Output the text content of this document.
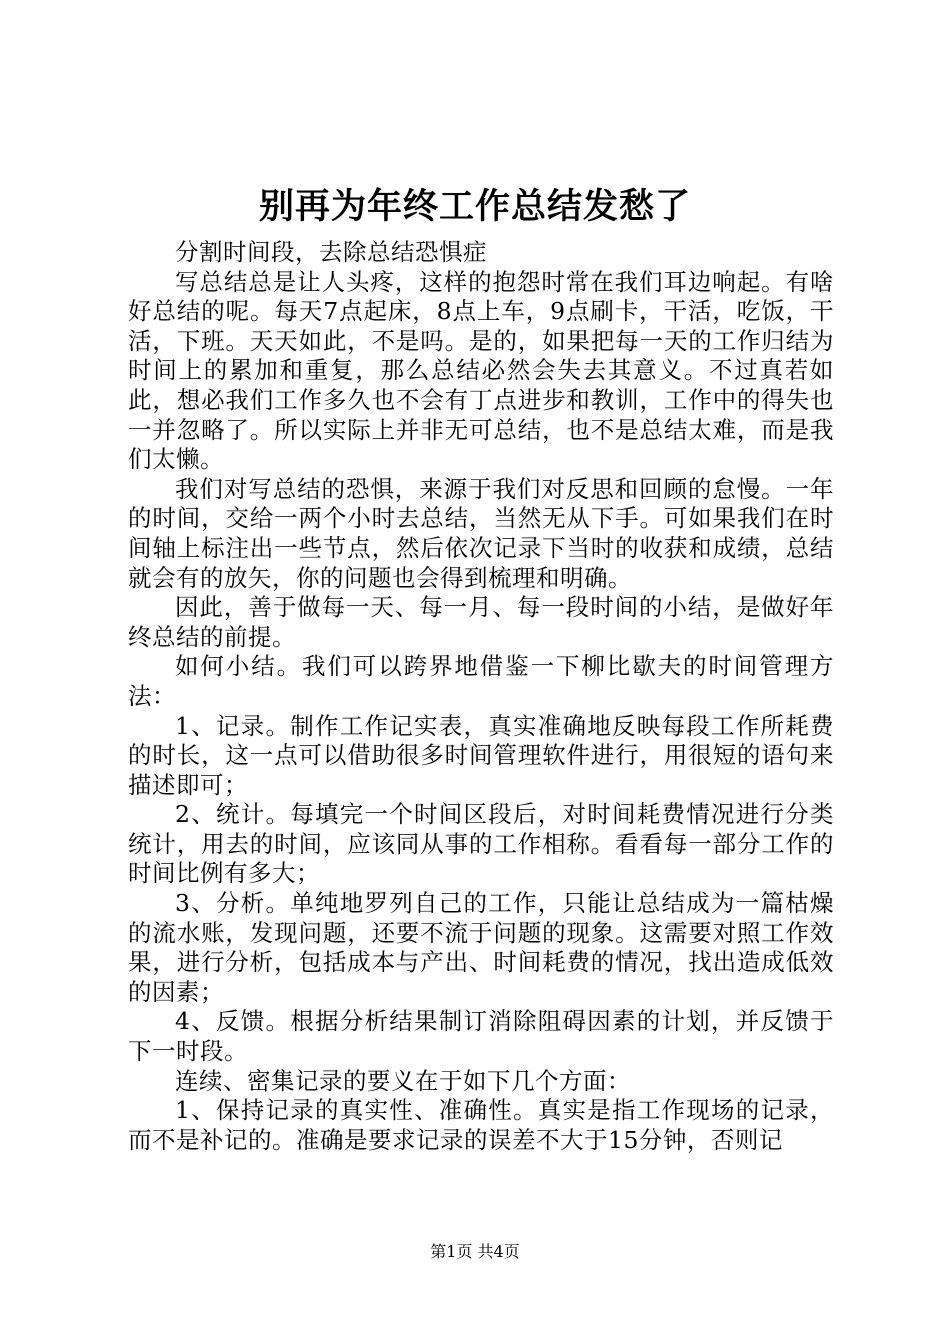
别再为年终工作总结发愁了

分割时间段，去除总结恐惧症

写总结总是让人头疼，这样的抱怨时常在我们耳边响起。有啥好总结的呢。每天7点起床，8点上车，9点刷卡，干活，吃饭，干活，下班。天天如此，不是吗。是的，如果把每一天的工作归结为时间上的累加和重复，那么总结必然会失去其意义。不过真若如此，想必我们工作多久也不会有丁点进步和教训，工作中的得失也一并忽略了。所以实际上并非无可总结，也不是总结太难，而是我们太懒。

我们对写总结的恐惧，来源于我们对反思和回顾的怠慢。一年的时间，交给一两个小时去总结，当然无从下手。可如果我们在时间轴上标注出一些节点，然后依次记录下当时的收获和成绩，总结就会有的放矢，你的问题也会得到梳理和明确。

因此，善于做每一天、每一月、每一段时间的小结，是做好年终总结的前提。

如何小结。我们可以跨界地借鉴一下柳比歇夫的时间管理方法：

1、记录。制作工作记实表，真实准确地反映每段工作所耗费的时长，这一点可以借助很多时间管理软件进行，用很短的语句来描述即可；

2、统计。每填完一个时间区段后，对时间耗费情况进行分类统计，用去的时间，应该同从事的工作相称。看看每一部分工作的时间比例有多大；

3、分析。单纯地罗列自己的工作，只能让总结成为一篇枯燥的流水账，发现问题，还要不流于问题的现象。这需要对照工作效果，进行分析，包括成本与产出、时间耗费的情况，找出造成低效的因素；

4、反馈。根据分析结果制订消除阻碍因素的计划，并反馈于下一时段。

连续、密集记录的要义在于如下几个方面：

1、保持记录的真实性、准确性。真实是指工作现场的记录，而不是补记的。准确是要求记录的误差不大于15分钟，否则记

第1页 共4页
